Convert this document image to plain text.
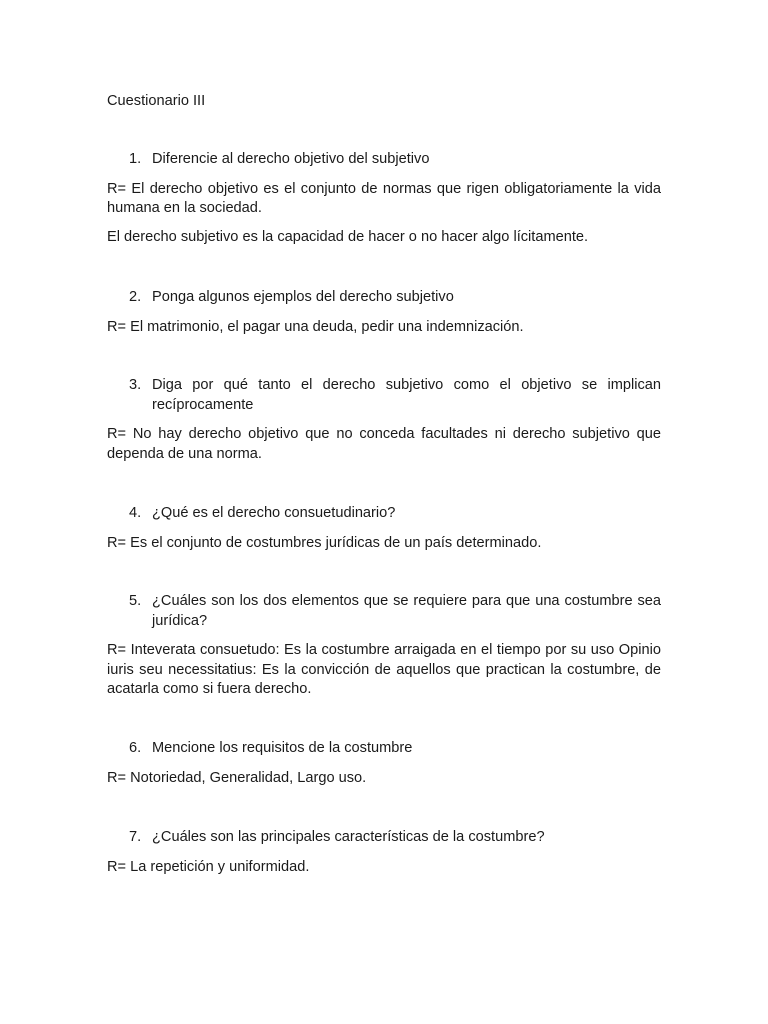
Cuestionario III
1. Diferencie al derecho objetivo del subjetivo
R= El derecho objetivo es el conjunto de normas que rigen obligatoriamente la vida humana en la sociedad.
El derecho subjetivo es la capacidad de hacer o no hacer algo lícitamente.
2. Ponga algunos ejemplos del derecho subjetivo
R= El matrimonio, el pagar una deuda, pedir una indemnización.
3. Diga por qué tanto el derecho subjetivo como el objetivo se implican recíprocamente
R= No hay derecho objetivo que no conceda facultades ni derecho subjetivo que dependa de una norma.
4. ¿Qué es el derecho consuetudinario?
R= Es el conjunto de costumbres jurídicas de un país determinado.
5. ¿Cuáles son los dos elementos que se requiere para que una costumbre sea jurídica?
R= Inteverata consuetudo: Es la costumbre arraigada en el tiempo por su uso Opinio iuris seu necessitatius: Es la convicción de aquellos que practican la costumbre, de acatarla como si fuera derecho.
6. Mencione los requisitos de la costumbre
R= Notoriedad, Generalidad, Largo uso.
7. ¿Cuáles son las principales características de la costumbre?
R= La repetición y uniformidad.
